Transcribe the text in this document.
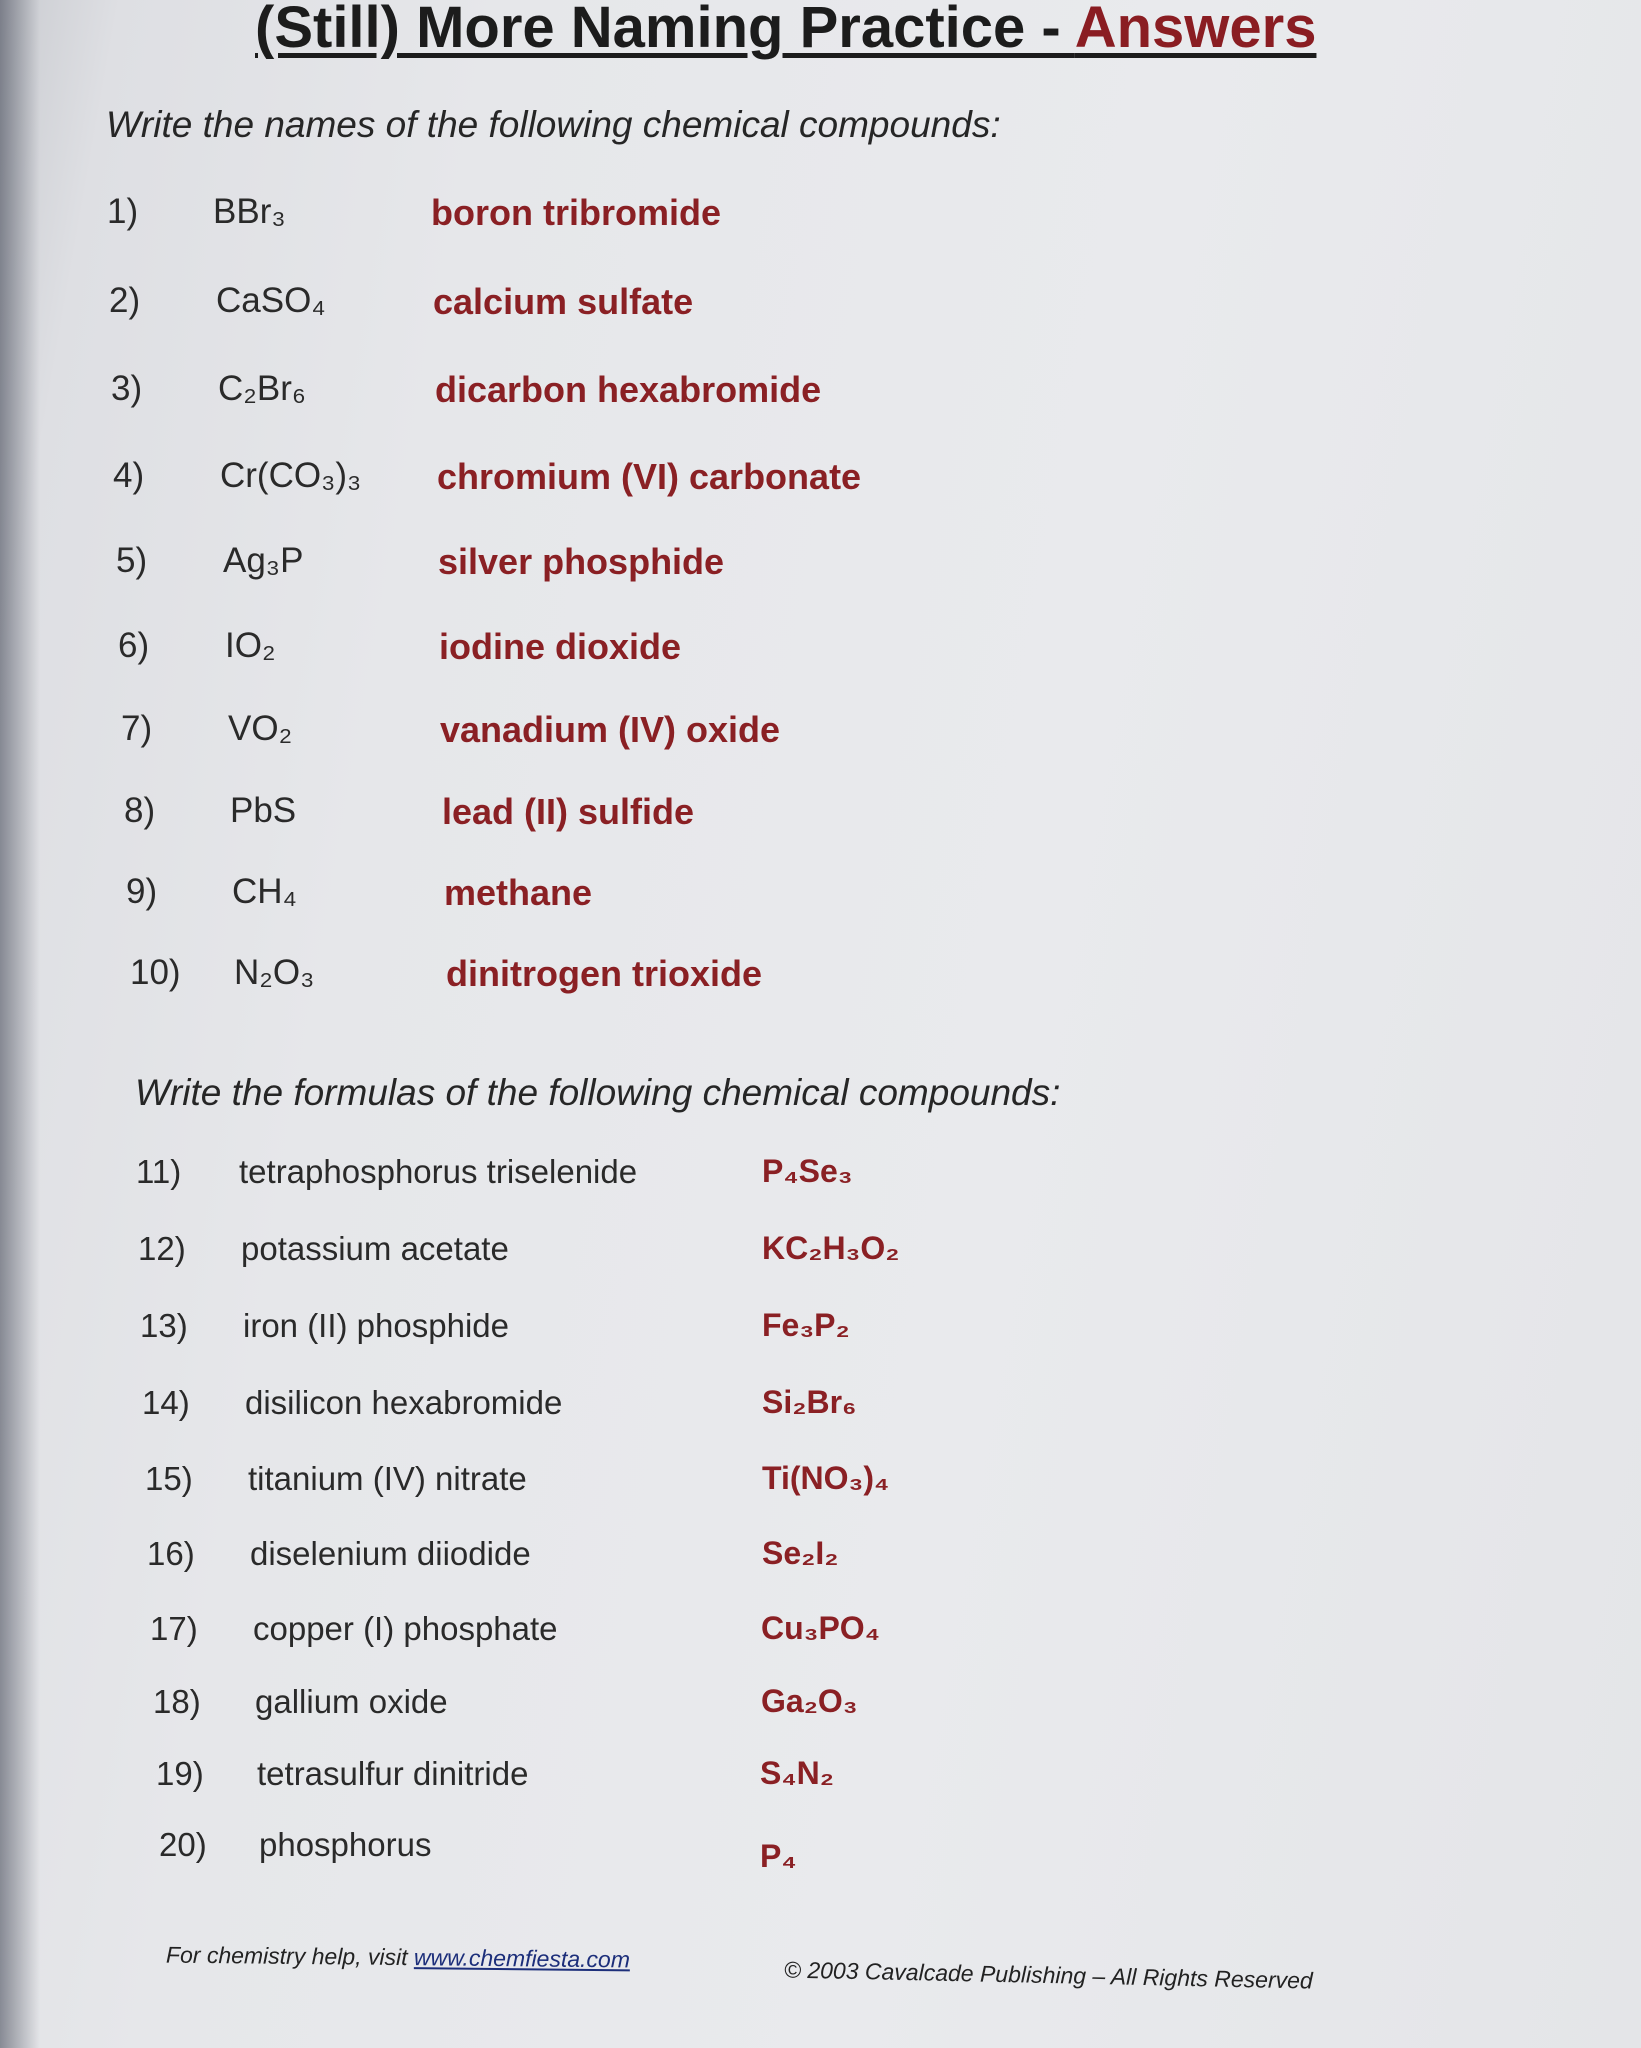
(Still) More Naming Practice - Answers
Write the names of the following chemical compounds:
1) BBr₃	boron tribromide
2) CaSO₄	calcium sulfate
3) C₂Br₆	dicarbon hexabromide
4) Cr(CO₃)₃ chromium (VI) carbonate
5) Ag₃P	silver phosphide
6) IO₂	iodine dioxide
7) VO₂	vanadium (IV) oxide
8) PbS	lead (II) sulfide
9) CH₄	methane
10) N₂O₃	dinitrogen trioxide
Write the formulas of the following chemical compounds:
11) tetraphosphorus triselenide	P₄Se₃
12) potassium acetate	KC₂H₃O₂
13) iron (II) phosphide	Fe₃P₂
14) disilicon hexabromide	Si₂Br₆
15) titanium (IV) nitrate	Ti(NO₃)₄
16) diselenium diiodide	Se₂I₂
17) copper (I) phosphate	Cu₃PO₄
18) gallium oxide	Ga₂O₃
19) tetrasulfur dinitride	S₄N₂
20) phosphorus	P₄
For chemistry help, visit www.chemfiesta.com	© 2003 Cavalcade Publishing – All Rights Reserved
